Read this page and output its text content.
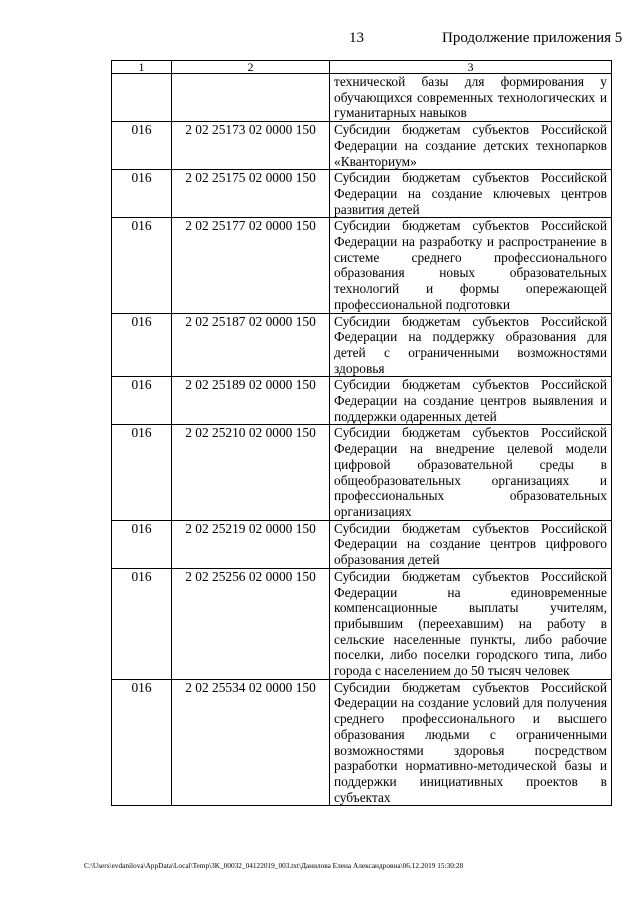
13	Продолжение приложения 5
1	2	3
		технической базы для формирования у обучающихся современных технологических и гуманитарных навыков
016	2 02 25173 02 0000 150	Субсидии бюджетам субъектов Российской Федерации на создание детских технопарков «Кванториум»
016	2 02 25175 02 0000 150	Субсидии бюджетам субъектов Российской Федерации на создание ключевых центров развития детей
016	2 02 25177 02 0000 150	Субсидии бюджетам субъектов Российской Федерации на разработку и распространение в системе среднего профессионального образования новых образовательных технологий и формы опережающей профессиональной подготовки
016	2 02 25187 02 0000 150	Субсидии бюджетам субъектов Российской Федерации на поддержку образования для детей с ограниченными возможностями здоровья
016	2 02 25189 02 0000 150	Субсидии бюджетам субъектов Российской Федерации на создание центров выявления и поддержки одаренных детей
016	2 02 25210 02 0000 150	Субсидии бюджетам субъектов Российской Федерации на внедрение целевой модели цифровой образовательной среды в общеобразовательных организациях и профессиональных образовательных организациях
016	2 02 25219 02 0000 150	Субсидии бюджетам субъектов Российской Федерации на создание центров цифрового образования детей
016	2 02 25256 02 0000 150	Субсидии бюджетам субъектов Российской Федерации на единовременные компенсационные выплаты учителям, прибывшим (переехавшим) на работу в сельские населенные пункты, либо рабочие поселки, либо поселки городского типа, либо города с населением до 50 тысяч человек
016	2 02 25534 02 0000 150	Субсидии бюджетам субъектов Российской Федерации на создание условий для получения среднего профессионального и высшего образования людьми с ограниченными возможностями здоровья посредством разработки нормативно-методической базы и поддержки инициативных проектов в субъектах
C:\Users\evdanilova\AppData\Local\Temp\3K_00032_04122019_003.txt\Данилова Елена Александровна\06.12.2019 15:30:28
